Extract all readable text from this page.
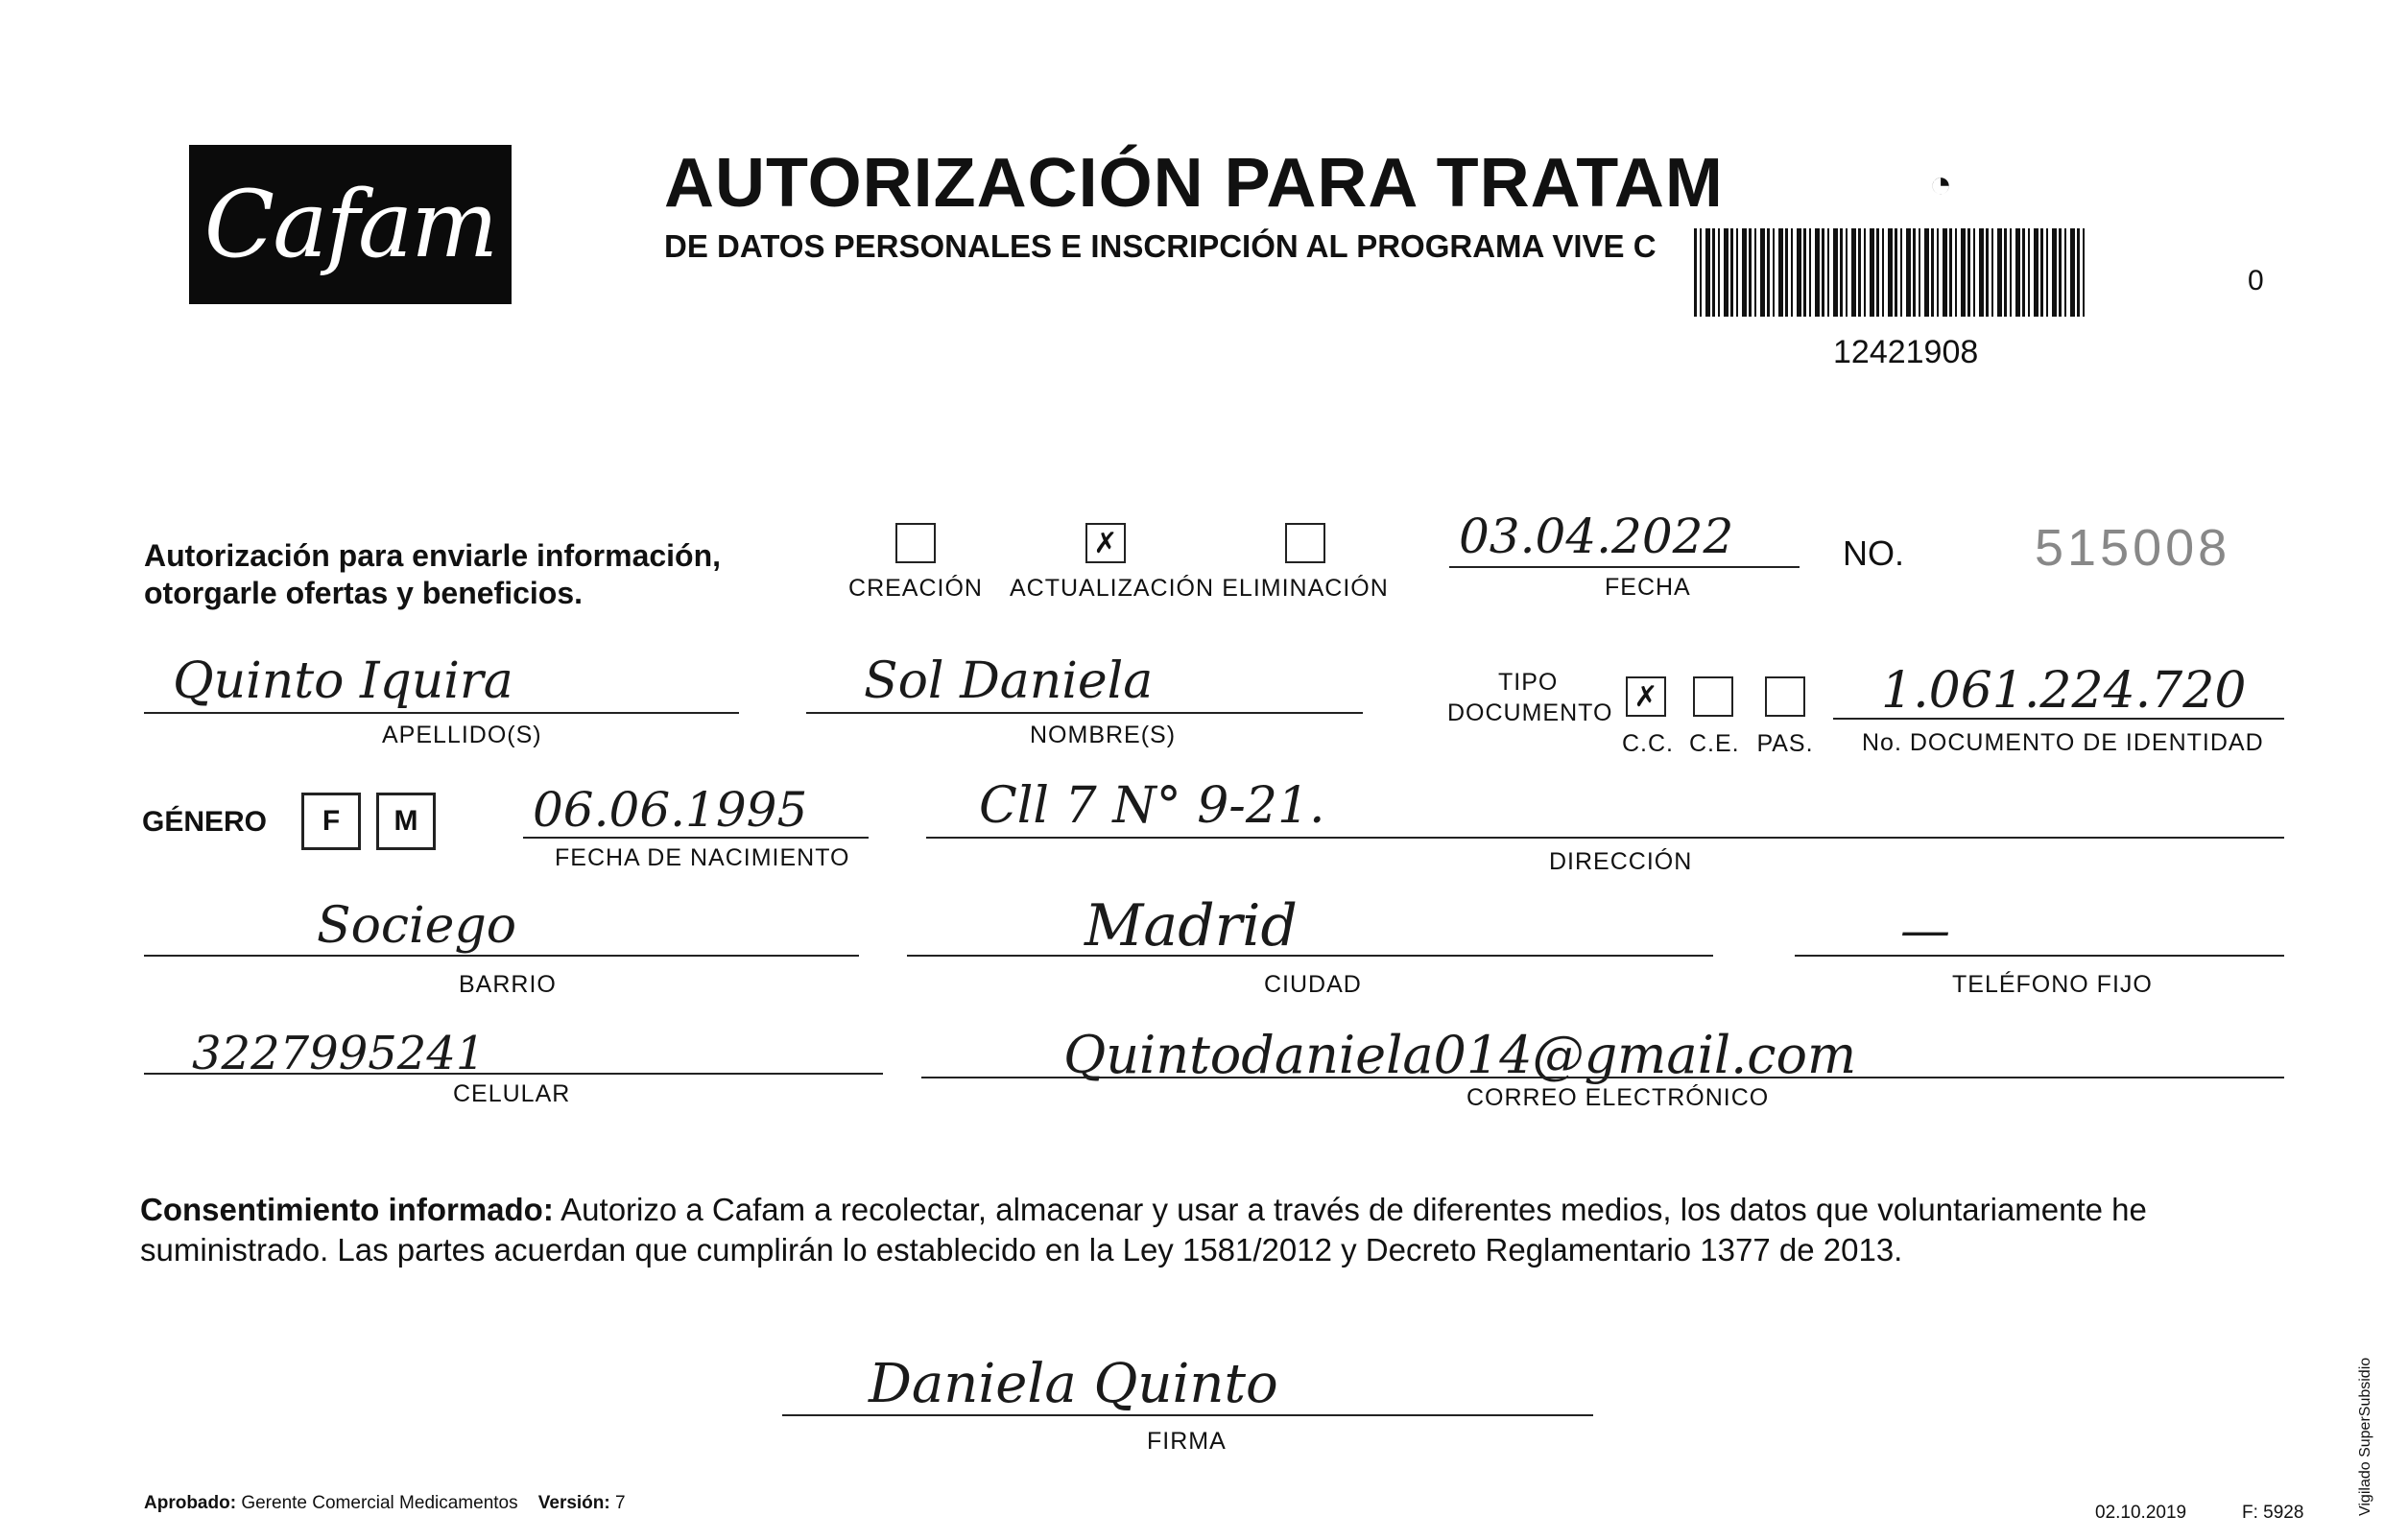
Cafam AUTORIZACIÓN PARA TRATAM	◔
DE DATOS PERSONALES E INSCRIPCIÓN AL PROGRAMA VIVE C
12421908
0
Autorización para enviarle información, otorgarle ofertas y beneficios.	CREACIÓN
✗
ACTUALIZACIÓN ELIMINACIÓN
03.04.2022
FECHA
NO.	515008
Quinto Iquira
APELLIDO(S)
Sol Daniela
NOMBRE(S)
TIPO
DOCUMENTO
✗
C.C. C.E. PAS.
1.061.224.720
No. DOCUMENTO DE IDENTIDAD
GÉNERO	F	M	06.06.1995
FECHA DE NACIMIENTO
Cll 7 N° 9-21.
DIRECCIÓN
Sociego
BARRIO
Madrid
CIUDAD
—
TELÉFONO FIJO
3227995241
CELULAR
Quintodaniela014@gmail.com
CORREO ELECTRÓNICO
Consentimiento informado: Autorizo a Cafam a recolectar, almacenar y usar a través de diferentes medios, los datos que voluntariamente he suministrado. Las partes acuerdan que cumplirán lo establecido en la Ley 1581/2012 y Decreto Reglamentario 1377 de 2013.
Daniela Quinto
FIRMA
Aprobado: Gerente Comercial Medicamentos Versión: 7	02.10.2019	F: 5928	Vigilado SuperSubsidio
